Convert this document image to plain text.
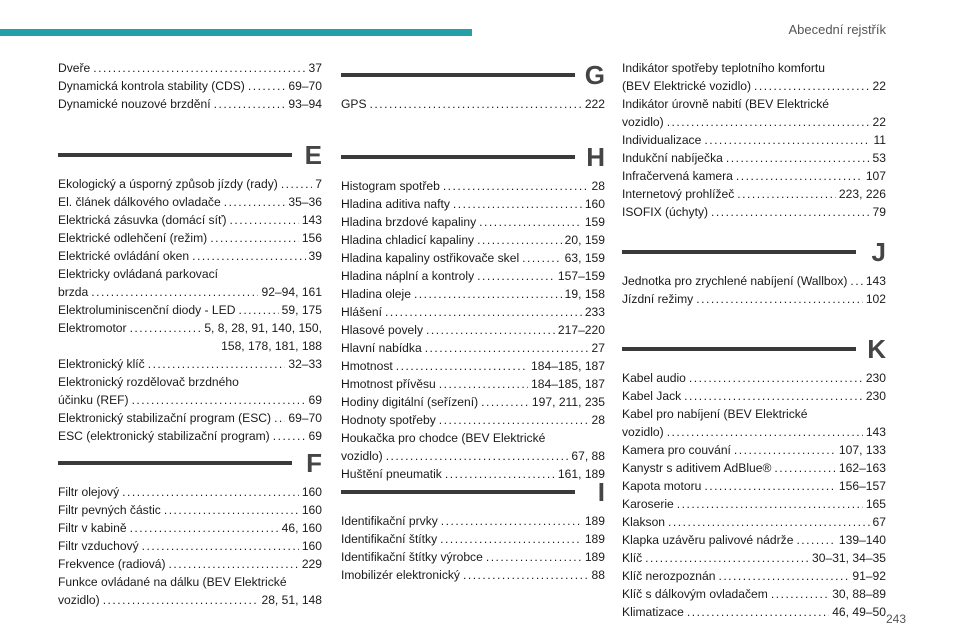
Abecední rejstřík
Dveře .....	37
Dynamická kontrola stability (CDS) .....	69–70
Dynamické nouzové brzdění .....	93–94
E
Ekologický a úsporný způsob jízdy (rady) .....	7
El. článek dálkového ovladače .....	35–36
Elektrická zásuvka (domácí síť) .....	143
Elektrické odlehčení (režim) .....	156
Elektrické ovládání oken .....	39
Elektricky ovládaná parkovací
brzda .....	92–94, 161
Elektroluminiscenční diody - LED .....	59, 175
Elektromotor .....	5, 8, 28, 91, 140, 150,
158, 178, 181, 188
Elektronický klíč .....	32–33
Elektronický rozdělovač brzdného
účinku (REF) .....	69
Elektronický stabilizační program (ESC) ..... 69–70
ESC (elektronický stabilizační program) .....	69
F
Filtr olejový .....	160
Filtr pevných částic .....	160
Filtr v kabině .....	46, 160
Filtr vzduchový .....	160
Frekvence (radiová) .....	229
Funkce ovládané na dálku (BEV Elektrické
vozidlo) .....	28, 51, 148
G
GPS .....	222
H
Histogram spotřeb .....	28
Hladina aditiva nafty .....	160
Hladina brzdové kapaliny .....	159
Hladina chladicí kapaliny .....	20, 159
Hladina kapaliny ostřikovače skel .....	63, 159
Hladina náplní a kontroly .....	157–159
Hladina oleje .....	19, 158
Hlášení .....	233
Hlasové povely .....	217–220
Hlavní nabídka .....	27
Hmotnost .....	184–185, 187
Hmotnost přívěsu .....	184–185, 187
Hodiny digitální (seřízení) .....	197, 211, 235
Hodnoty spotřeby .....	28
Houkačka pro chodce (BEV Elektrické
vozidlo) .....	67, 88
Huštění pneumatik .....	161, 189
I
Identifikační prvky .....	189
Identifikační štítky .....	189
Identifikační štítky výrobce .....	189
Imobilizér elektronický .....	88
Indikátor spotřeby teplotního komfortu
(BEV Elektrické vozidlo) .....	22
Indikátor úrovně nabití (BEV Elektrické
vozidlo) .....	22
Individualizace .....	11
Indukční nabíječka .....	53
Infračervená kamera .....	107
Internetový prohlížeč .....	223, 226
ISOFIX (úchyty) .....	79
J
Jednotka pro zrychlené nabíjení (Wallbox) ..... 143
Jízdní režimy .....	102
K
Kabel audio .....	230
Kabel Jack .....	230
Kabel pro nabíjení (BEV Elektrické
vozidlo) .....	143
Kamera pro couvání .....	107, 133
Kanystr s aditivem AdBlue® .....	162–163
Kapota motoru .....	156–157
Karoserie .....	165
Klakson .....	67
Klapka uzávěru palivové nádrže .....	139–140
Klíč .....	30–31, 34–35
Klíč nerozpoznán .....	91–92
Klíč s dálkovým ovladačem .....	30, 88–89
Klimatizace .....	46, 49–50 243
